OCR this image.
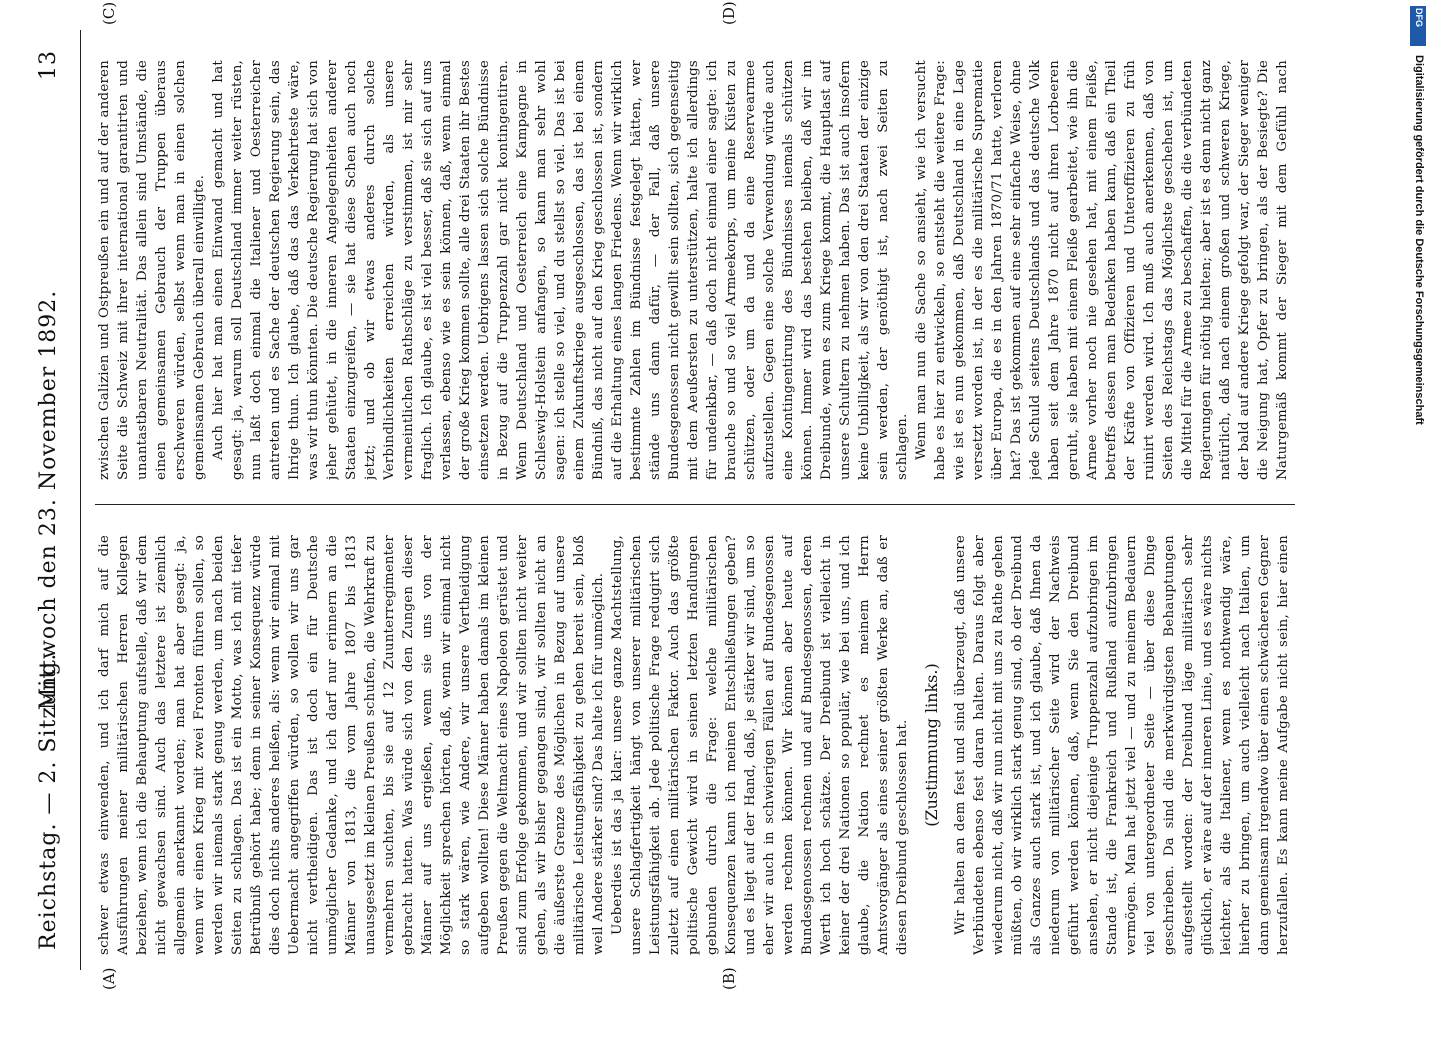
Reichstag. — 2. Sitzung.
Mittwoch den 23. November 1892.
13
(A)	(B)
(C)	(D)

schwer etwas einwenden, und ich darf mich auf die Ausführungen meiner militärischen Herren Kollegen beziehen, wenn ich die Behauptung aufstelle, daß wir dem nicht gewachsen sind. Auch das letztere ist ziemlich allgemein anerkannt worden; man hat aber gesagt: ja, wenn wir einen Krieg mit zwei Fronten führen sollen, so werden wir niemals stark genug werden, um nach beiden Seiten zu schlagen. Das ist ein Motto, was ich mit tiefer Betrübniß gehört habe; denn in seiner Konsequenz würde dies doch nichts anderes heißen, als: wenn wir einmal mit Uebermacht angegriffen würden, so wollen wir uns gar nicht vertheidigen. Das ist doch ein für Deutsche unmöglicher Gedanke, und ich darf nur erinnern an die Männer von 1813, die vom Jahre 1807 bis 1813 unausgesetzt im kleinen Preußen schufen, die Wehrkraft zu vermehren suchten, bis sie auf 12 Zuunterregimenter gebracht hatten. Was würde sich von den Zungen dieser Männer auf uns ergießen, wenn sie uns von der Möglichkeit sprechen hörten, daß, wenn wir einmal nicht so stark wären, wie Andere, wir unsere Vertheidigung aufgeben wollten! Diese Männer haben damals im kleinen Preußen gegen die Weltmacht eines Napoleon gerüstet und sind zum Erfolge gekommen, und wir sollten nicht weiter gehen, als wir bisher gegangen sind, wir sollten nicht an die äußerste Grenze des Möglichen in Bezug auf unsere militärische Leistungsfähigkeit zu gehen bereit sein, bloß weil Andere stärker sind? Das halte ich für unmöglich. Ueberdies ist das ja klar: unsere ganze Machtstellung, unsere Schlagfertigkeit hängt von unserer militärischen Leistungsfähigkeit ab. Jede politische Frage redugirt sich zuletzt auf einen militärischen Faktor. Auch das größte politische Gewicht wird in seinen letzten Handlungen gebunden durch die Frage: welche militärischen Konsequenzen kann ich meinen Entschließungen geben? und es liegt auf der Hand, daß, je stärker wir sind, um so eher wir auch in schwierigen Fällen auf Bundesgenossen werden rechnen können. Wir können aber heute auf Bundesgenossen rechnen und auf Bundesgenossen, deren Werth ich hoch schätze. Der Dreibund ist vielleicht in keiner der drei Nationen so populär, wie bei uns, und ich glaube, die Nation rechnet es meinem Herrn Amtsvorgänger als eines seiner größten Werke an, daß er diesen Dreibund geschlossen hat. (Zustimmung links.)

Wir halten an dem fest und sind überzeugt, daß unsere Verbündeten ebenso fest daran halten. Daraus folgt aber wiederum nicht, daß wir nun nicht mit uns zu Rathe gehen müßten, ob wir wirklich stark genug sind, ob der Dreibund als Ganzes auch stark ist, und ich glaube, daß Ihnen da niederum von militärischer Seite wird der Nachweis geführt werden können, daß, wenn Sie den Dreibund ansehen, er nicht diejenige Truppenzahl aufzubringen im Stande ist, die Frankreich und Rußland aufzubringen vermögen. Man hat jetzt viel — und zu meinem Bedauern viel von untergeordneter Seite — über diese Dinge geschrieben. Da sind die merkwürdigsten Behauptungen aufgestellt worden: der Dreibund läge militärisch sehr glücklich, er wäre auf der inneren Linie, und es wäre nichts leichter, als die Italiener, wenn es nothwendig wäre, hierher zu bringen, um auch vielleicht nach Italien, um dann gemeinsam irgendwo über einen schwächeren Gegner herzufallen. Es kann meine Aufgabe nicht sein, hier einen

zwischen Galizien und Ostpreußen ein und auf der anderen Seite die Schweiz mit ihrer international garantirten und unantastbaren Neutralität. Das allein sind Umstände, die einen gemeinsamen Gebrauch der Truppen überaus erschweren würden, selbst wenn man in einen solchen gemeinsamen Gebrauch überall einwilligte. Auch hier hat man einen Einwand gemacht und hat gesagt: ja, warum soll Deutschland immer weiter rüsten, nun laßt doch einmal die Italiener und Oesterreicher antreten und es Sache der deutschen Regierung sein, das Ihrige thun. Ich glaube, daß das das Verkehrteste wäre, was wir thun könnten. Die deutsche Regierung hat sich von jeher gehütet, in die inneren Angelegenheiten anderer Staaten einzugreifen, — sie hat diese Schen auch noch jetzt; und ob wir etwas anderes durch solche Verbindlichkeiten erreichen würden, als unsere vermeintlichen Rathschläge zu verstimmen, ist mir sehr fraglich. Ich glaube, es ist viel besser, daß sie sich auf uns verlassen, ebenso wie es sein können, daß, wenn einmal der große Krieg kommen sollte, alle drei Staaten ihr Bestes einsetzen werden. Uebrigens lassen sich solche Bündnisse in Bezug auf die Truppenzahl gar nicht kontingentiren. Wenn Deutschland und Oesterreich eine Kampagne in Schleswig-Holstein anfangen, so kann man sehr wohl sagen: ich stelle so viel, und du stellst so viel. Das ist bei einem Zukunftskriege ausgeschlossen, das ist bei einem Bündniß, das nicht auf den Krieg geschlossen ist, sondern auf die Erhaltung eines langen Friedens. Wenn wir wirklich bestimmte Zahlen im Bündnisse festgelegt hätten, wer stände uns dann dafür, — der Fall, daß unsere Bundesgenossen nicht gewillt sein sollten, sich gegenseitig mit dem Aeußersten zu unterstützen, halte ich allerdings für undenkbar, — daß doch nicht einmal einer sagte: ich brauche so und so viel Armeekorps, um meine Küsten zu schützen, oder um da und da eine Reservearmee aufzustellen. Gegen eine solche Verwendung würde auch eine Kontingentirung des Bündnisses niemals schützen können. Immer wird das bestehen bleiben, daß wir im Dreibunde, wenn es zum Kriege kommt, die Hauptlast auf unsere Schultern zu nehmen haben. Das ist auch insofern keine Unbilligkeit, als wir von den drei Staaten der einzige sein werden, der genöthigt ist, nach zwei Seiten zu schlagen. Wenn man nun die Sache so ansieht, wie ich versucht habe es hier zu entwickeln, so entsteht die weitere Frage: wie ist es nun gekommen, daß Deutschland in eine Lage versetzt worden ist, in der es die militärische Suprematie über Europa, die es in den Jahren 1870/71 hatte, verloren hat? Das ist gekommen auf eine sehr einfache Weise, ohne jede Schuld seitens Deutschlands und das deutsche Volk haben seit dem Jahre 1870 nicht auf ihren Lorbeeren geruht, sie haben mit einem Fleiße gearbeitet, wie ihn die Armee vorher noch nie gesehen hat, mit einem Fleiße, betreffs dessen man Bedenken haben kann, daß ein Theil der Kräfte von Offizieren und Unteroffizieren zu früh ruinirt werden wird. Ich muß auch anerkennen, daß von Seiten des Reichstags das Möglichste geschehen ist, um die Mittel für die Armee zu beschaffen, die die verbündeten Regierungen für nöthig hielten; aber ist es denn nicht ganz natürlich, daß nach einem großen und schweren Kriege, der bald auf andere Kriege gefolgt war, der Sieger weniger die Neigung hat, Opfer zu bringen, als der Besiegte? Die Naturgemäß kommt der Sieger mit dem Gefühl nach

DFG
Digitalisierung gefördert durch die Deutsche Forschungsgemeinschaft
